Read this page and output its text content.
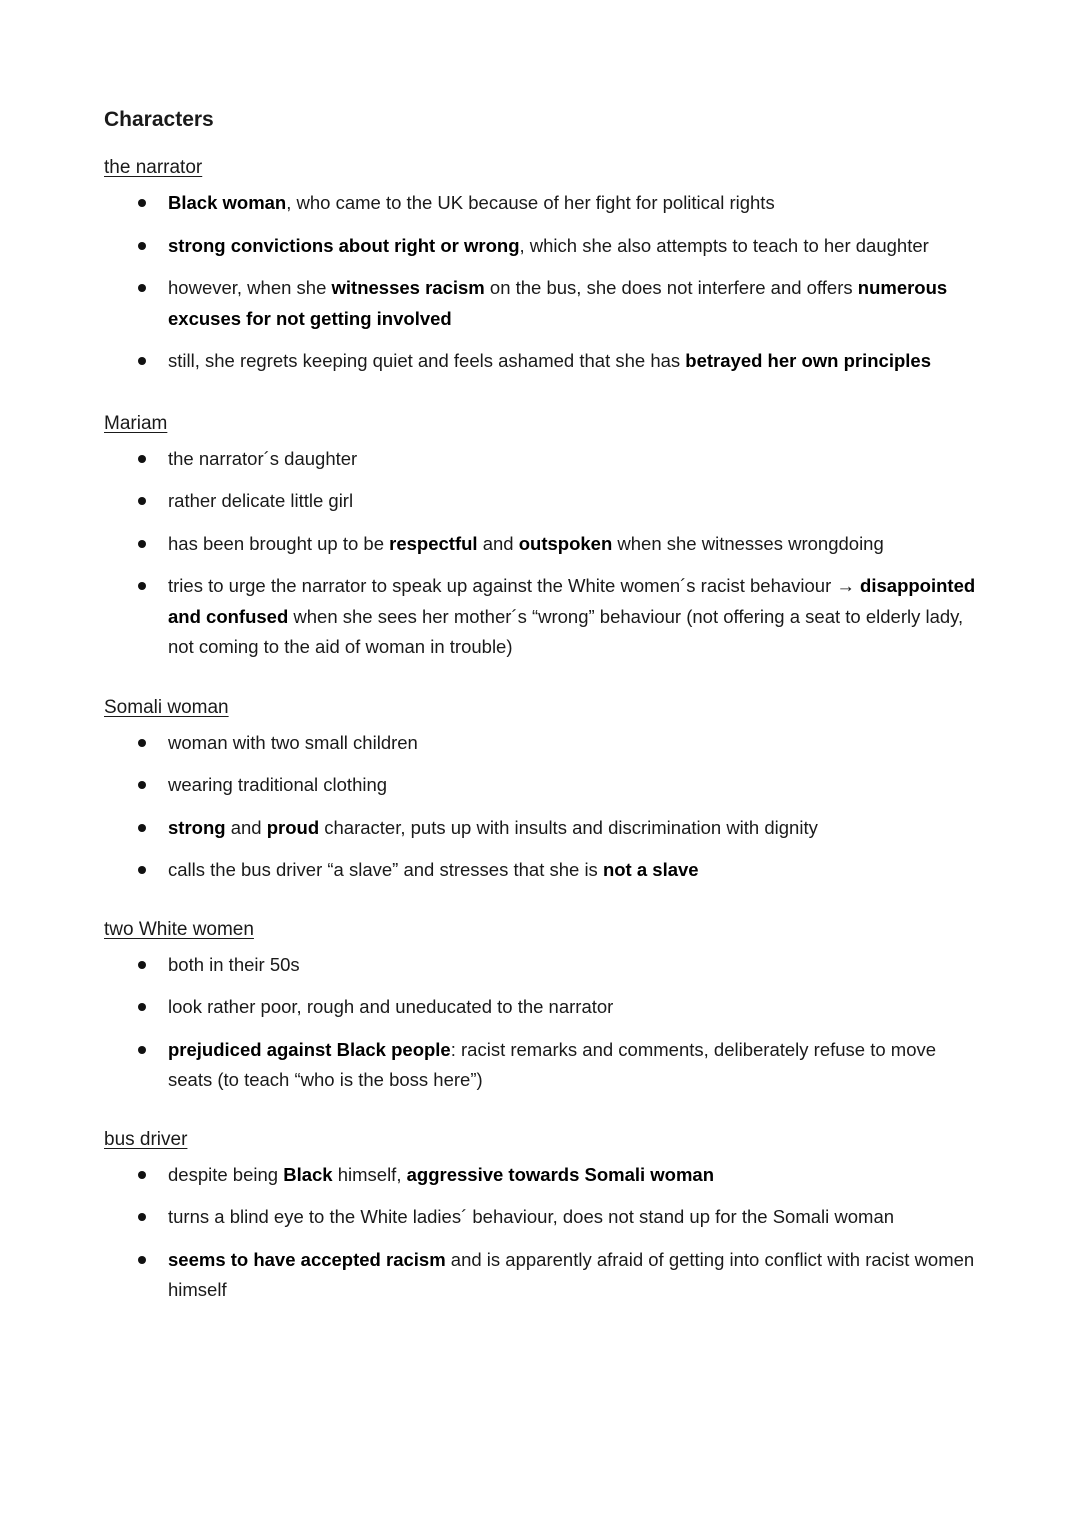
Characters
the narrator
Black woman, who came to the UK because of her fight for political rights
strong convictions about right or wrong, which she also attempts to teach to her daughter
however, when she witnesses racism on the bus, she does not interfere and offers numerous excuses for not getting involved
still, she regrets keeping quiet and feels ashamed that she has betrayed her own principles
Mariam
the narrator´s daughter
rather delicate little girl
has been brought up to be respectful and outspoken when she witnesses wrongdoing
tries to urge the narrator to speak up against the White women´s racist behaviour → disappointed and confused when she sees her mother´s “wrong” behaviour (not offering a seat to elderly lady, not coming to the aid of woman in trouble)
Somali woman
woman with two small children
wearing traditional clothing
strong and proud character, puts up with insults and discrimination with dignity
calls the bus driver “a slave” and stresses that she is not a slave
two White women
both in their 50s
look rather poor, rough and uneducated to the narrator
prejudiced against Black people: racist remarks and comments, deliberately refuse to move seats (to teach “who is the boss here”)
bus driver
despite being Black himself, aggressive towards Somali woman
turns a blind eye to the White ladies´ behaviour, does not stand up for the Somali woman
seems to have accepted racism and is apparently afraid of getting into conflict with racist women himself
